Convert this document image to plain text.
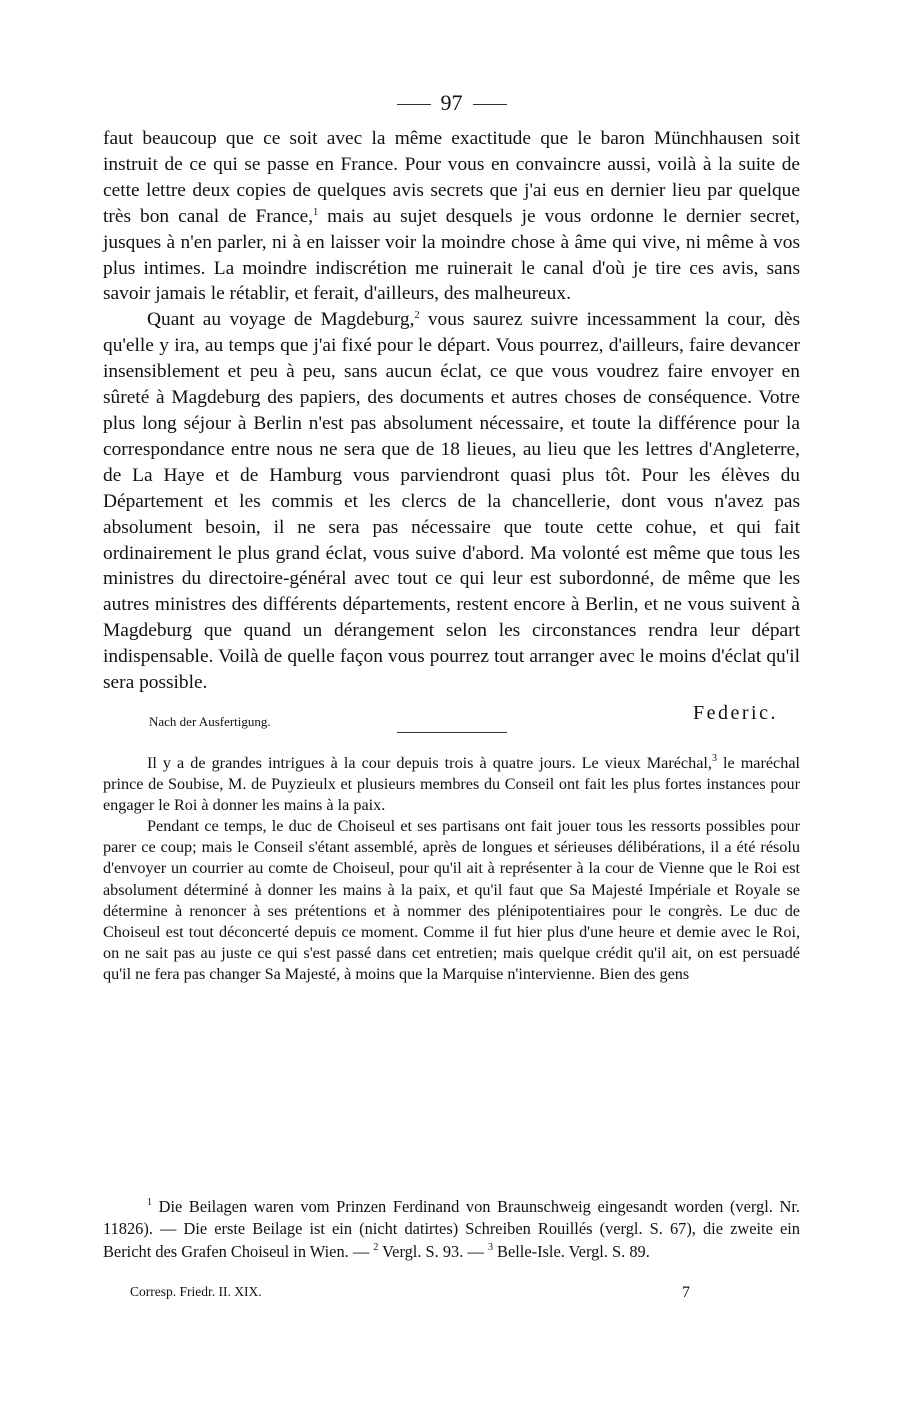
97

faut beaucoup que ce soit avec la même exactitude que le baron Münchhausen soit instruit de ce qui se passe en France. Pour vous en convaincre aussi, voilà à la suite de cette lettre deux copies de quelques avis secrets que j'ai eus en dernier lieu par quelque très bon canal de France,$^1$ mais au sujet desquels je vous ordonne le dernier secret, jusques à n'en parler, ni à en laisser voir la moindre chose à âme qui vive, ni même à vos plus intimes. La moindre indiscrétion me ruinerait le canal d'où je tire ces avis, sans savoir jamais le rétablir, et ferait, d'ailleurs, des malheureux.

Quant au voyage de Magdeburg,$^2$ vous saurez suivre incessamment la cour, dès qu'elle y ira, au temps que j'ai fixé pour le départ. Vous pourrez, d'ailleurs, faire devancer insensiblement et peu à peu, sans aucun éclat, ce que vous voudrez faire envoyer en sûreté à Magdeburg des papiers, des documents et autres choses de conséquence. Votre plus long séjour à Berlin n'est pas absolument nécessaire, et toute la différence pour la correspondance entre nous ne sera que de 18 lieues, au lieu que les lettres d'Angleterre, de La Haye et de Hamburg vous parviendront quasi plus tôt. Pour les élèves du Département et les commis et les clercs de la chancellerie, dont vous n'avez pas absolument besoin, il ne sera pas nécessaire que toute cette cohue, et qui fait ordinairement le plus grand éclat, vous suive d'abord. Ma volonté est même que tous les ministres du directoire-général avec tout ce qui leur est subordonné, de même que les autres ministres des différents départements, restent encore à Berlin, et ne vous suivent à Magdeburg que quand un dérangement selon les circonstances rendra leur départ indispensable. Voilà de quelle façon vous pourrez tout arranger avec le moins d'éclat qu'il sera possible.

Nach der Ausfertigung.	Federic.

Il y a de grandes intrigues à la cour depuis trois à quatre jours. Le vieux Maréchal,$^3$ le maréchal prince de Soubise, M. de Puyzieulx et plusieurs membres du Conseil ont fait les plus fortes instances pour engager le Roi à donner les mains à la paix.

Pendant ce temps, le duc de Choiseul et ses partisans ont fait jouer tous les ressorts possibles pour parer ce coup; mais le Conseil s'étant assemblé, après de longues et sérieuses délibérations, il a été résolu d'envoyer un courrier au comte de Choiseul, pour qu'il ait à représenter à la cour de Vienne que le Roi est absolument déterminé à donner les mains à la paix, et qu'il faut que Sa Majesté Impériale et Royale se détermine à renoncer à ses prétentions et à nommer des plénipotentiaires pour le congrès. Le duc de Choiseul est tout déconcerté depuis ce moment. Comme il fut hier plus d'une heure et demie avec le Roi, on ne sait pas au juste ce qui s'est passé dans cet entretien; mais quelque crédit qu'il ait, on est persuadé qu'il ne fera pas changer Sa Majesté, à moins que la Marquise n'intervienne. Bien des gens

$^1$ Die Beilagen waren vom Prinzen Ferdinand von Braunschweig eingesandt worden (vergl. Nr. 11826). — Die erste Beilage ist ein (nicht datirtes) Schreiben Rouillés (vergl. S. 67), die zweite ein Bericht des Grafen Choiseul in Wien. — $^2$ Vergl. S. 93. — $^3$ Belle-Isle. Vergl. S. 89.

Corresp. Friedr. II. XIX.	7
